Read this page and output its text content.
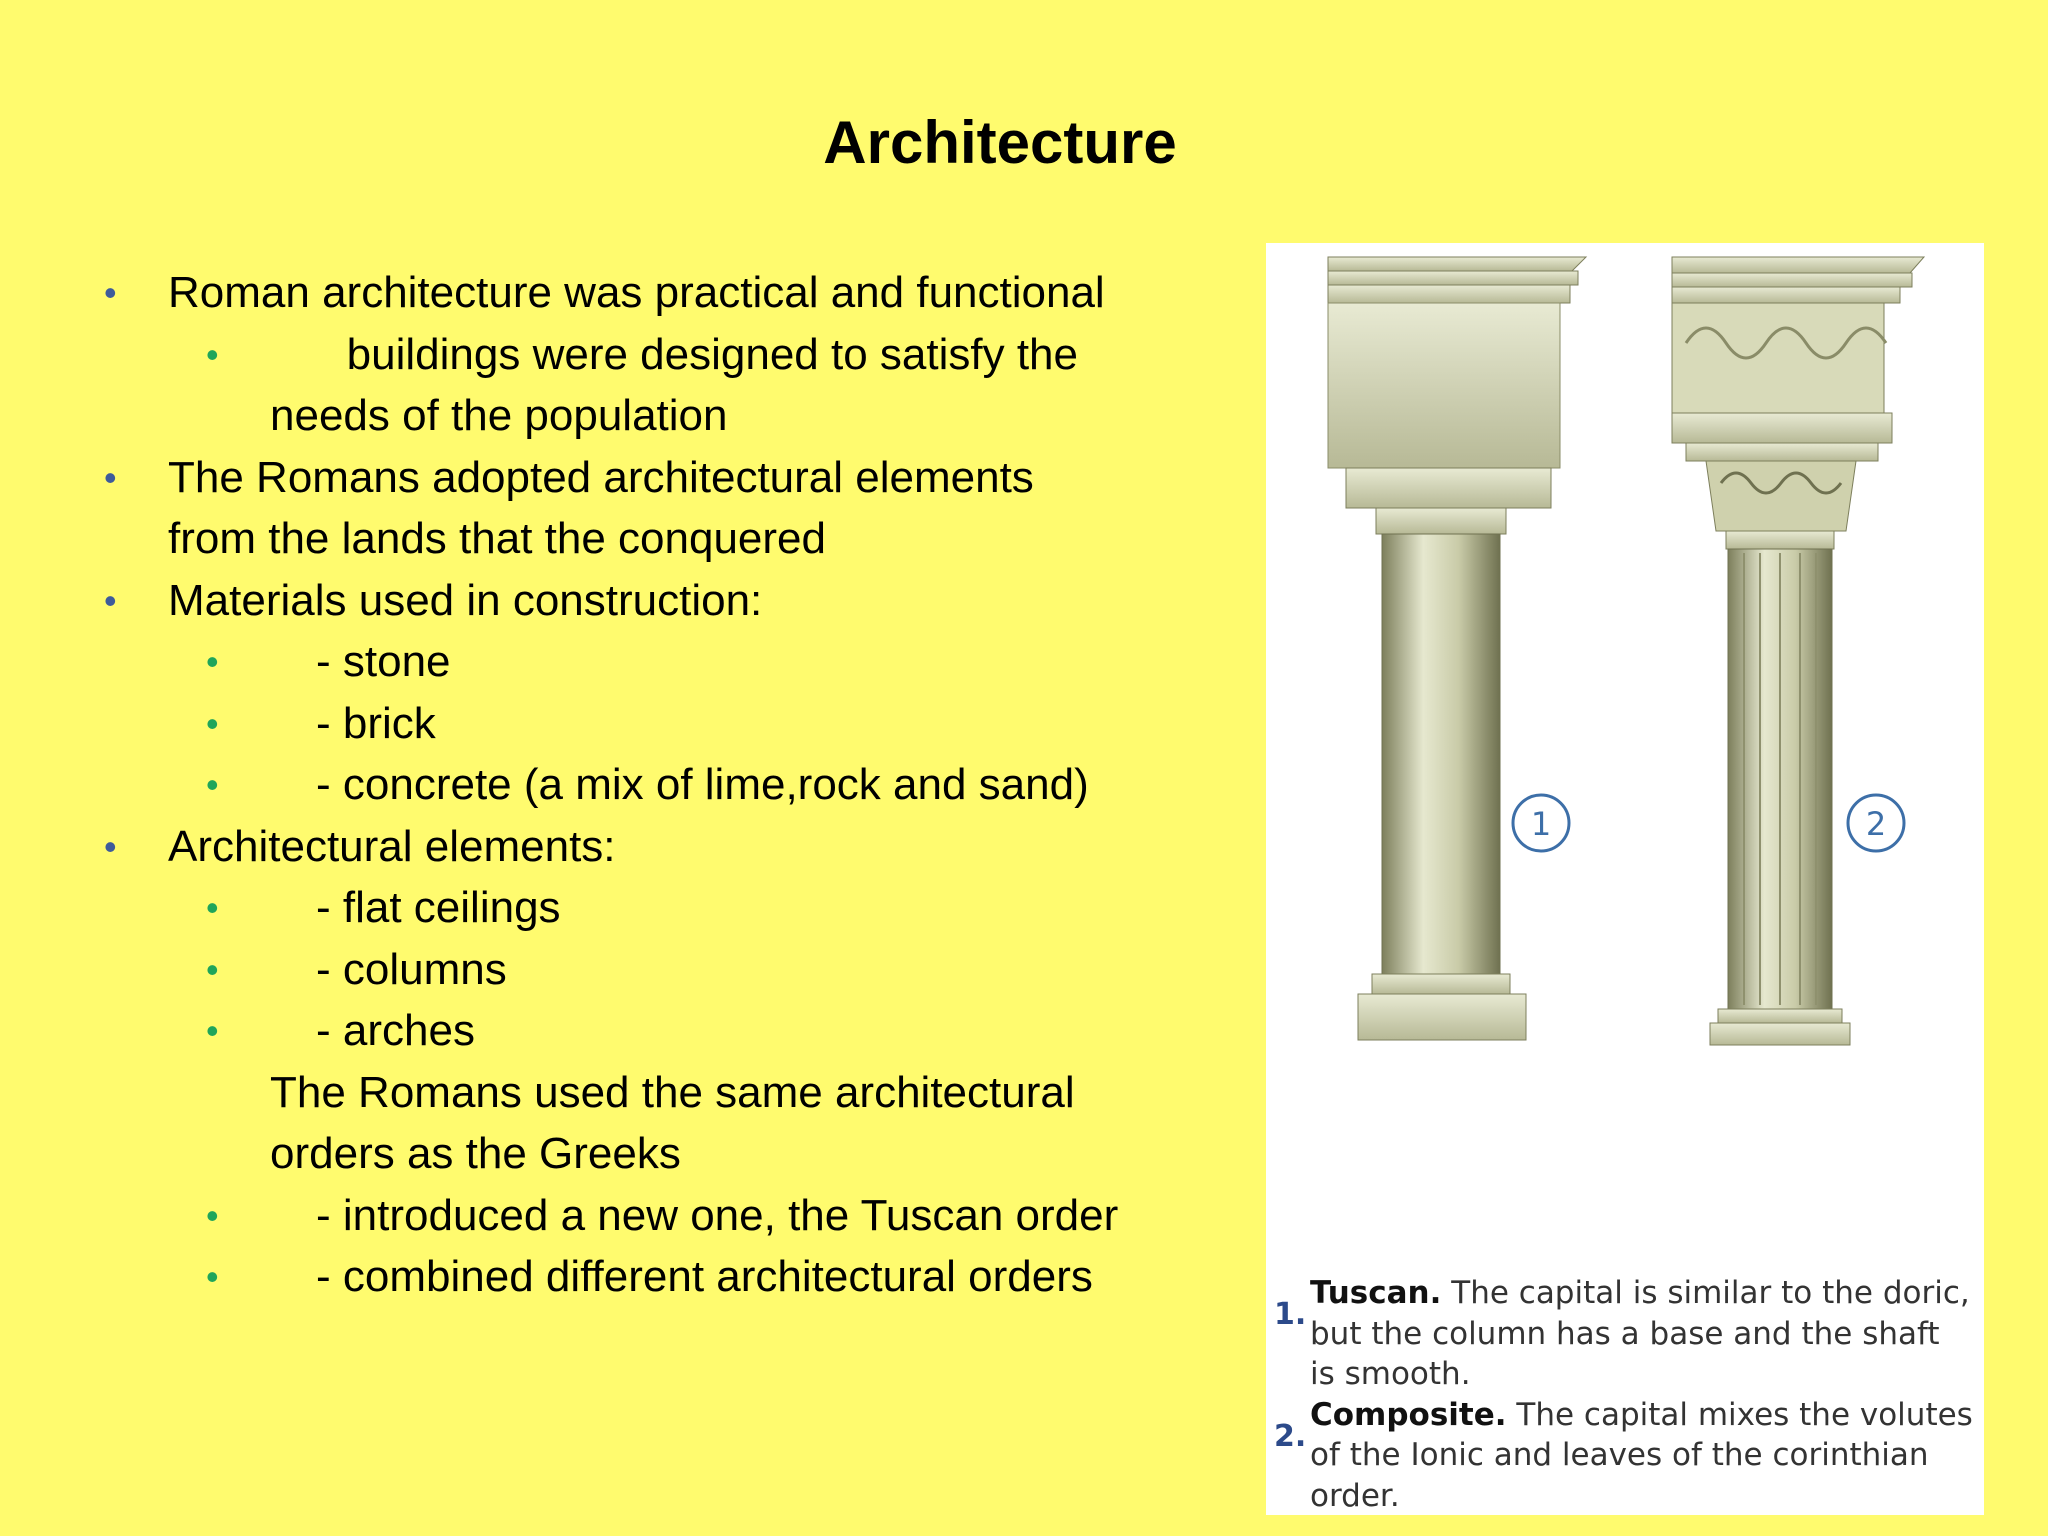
Architecture
• Roman architecture was practical and functional
• buildings were designed to satisfy the
needs of the population
• The Romans adopted architectural elements
from the lands that the conquered
• Materials used in construction:
• - stone
• - brick
• - concrete (a mix of lime,rock and sand)
• Architectural elements:
• - flat ceilings
• - columns
• - arches
The Romans used the same architectural
orders as the Greeks
• - introduced a new one, the Tuscan order
• - combined different architectural orders
1	2
1.
Tuscan. The capital is similar to the doric, but the column has a base and the shaft is smooth.
2.
Composite. The capital mixes the volutes of the Ionic and leaves of the corinthian order.
